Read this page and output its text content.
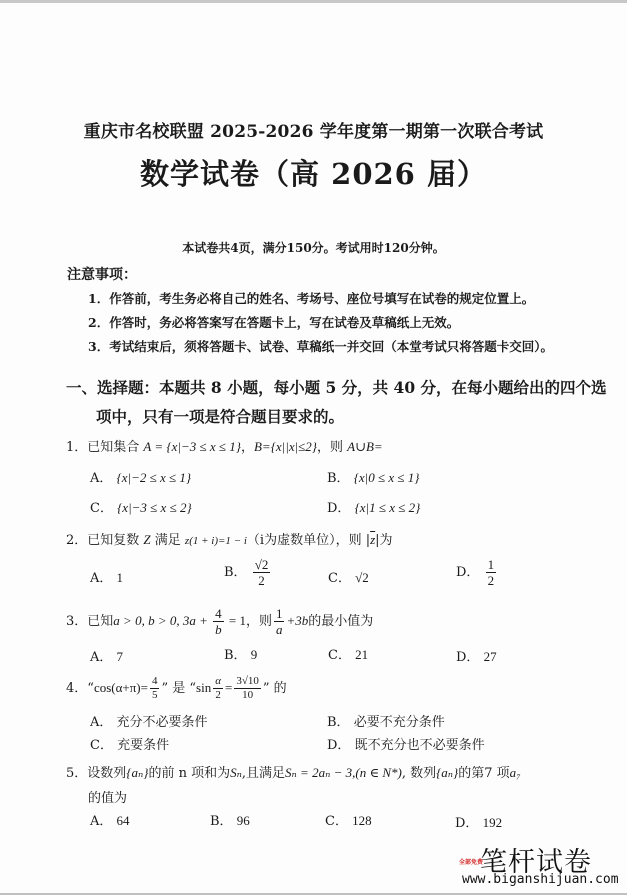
重庆市名校联盟 2025-2026 学年度第一期第一次联合考试
数学试卷（高 2026 届）
本试卷共4页，满分150分。考试用时120分钟。
注意事项：
1．作答前，考生务必将自己的姓名、考场号、座位号填写在试卷的规定位置上。
2．作答时，务必将答案写在答题卡上，写在试卷及草稿纸上无效。
3．考试结束后，须将答题卡、试卷、草稿纸一并交回（本堂考试只将答题卡交回）。
一、选择题：本题共 8 小题，每小题 5 分，共 40 分，在每小题给出的四个选
项中，只有一项是符合题目要求的。
1．已知集合 A = {x|−3 ≤ x ≤ 1}，B={x||x|≤2}，则 A∪B=
A． {x|−2 ≤ x ≤ 1}	B． {x|0 ≤ x ≤ 1}
C． {x|−3 ≤ x ≤ 2}	D． {x|1 ≤ x ≤ 2}
2．已知复数 Z 满足 z(1 + i)=1 − i（i为虚数单位），则 $|\overline{z}|$为
A． 1	B． $\frac{√2}{2}$	C． √2	D． $\frac{1}{2}$
3．已知a > 0, b > 0, $3a + \frac{4}{b} = 1$，则 $\frac{1}{a} +3b$的最小值为
A． 7	B． 9	C． 21	D． 27
4．“$\cos(\alpha+\pi)= \frac{4}{5}$ ” 是 “$\sin \frac{\alpha}{2} = \frac{3√10}{10}$ ” 的
A． 充分不必要条件	B． 必要不充分条件
C． 充要条件	D． 既不充分也不必要条件
5．设数列{aₙ}的前 n 项和为Sₙ,且满足Sₙ = 2aₙ − 3,(n ∈ N*), 数列{aₙ}的第7 项a₇
的值为
A． 64	B． 96	C． 128	D． 192
笔杆试卷
全部免费
www.biganshijuan.com
